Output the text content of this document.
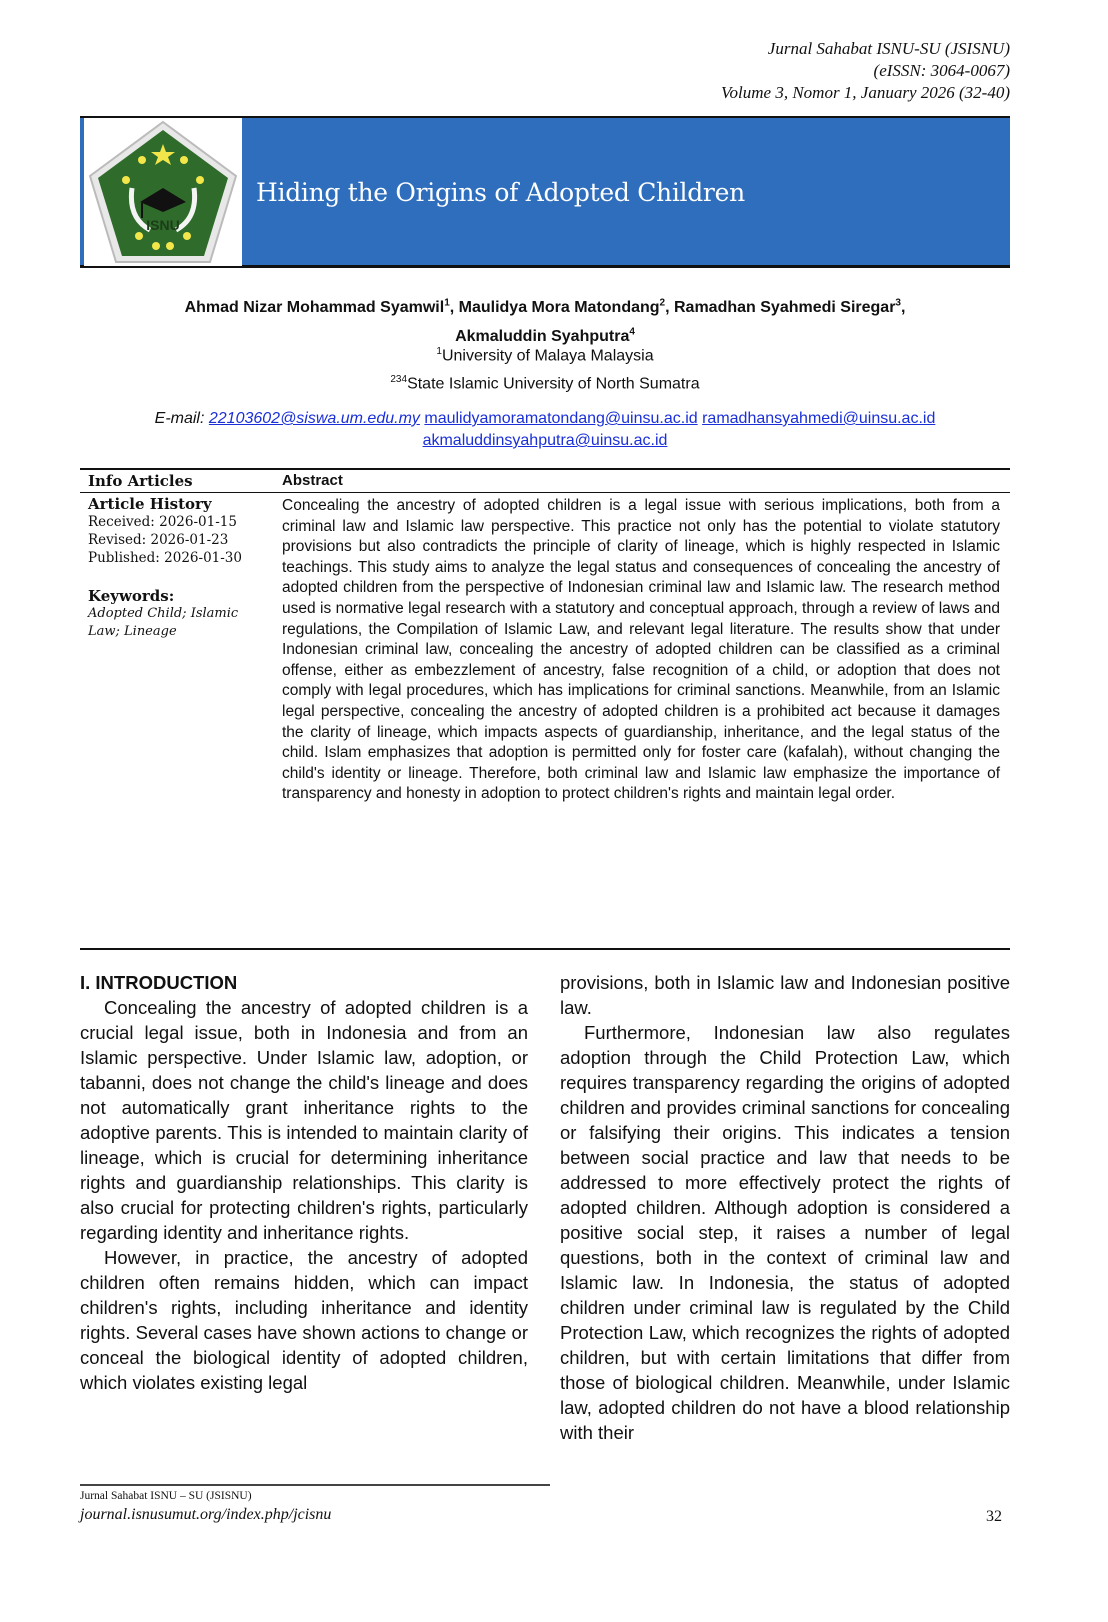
Jurnal Sahabat ISNU-SU (JSISNU)
(eISSN: 3064-0067)
Volume 3, Nomor 1, January 2026 (32-40)
ISNU
Hiding the Origins of Adopted Children
Ahmad Nizar Mohammad Syamwil$^1$, Maulidya Mora Matondang$^2$, Ramadhan Syahmedi Siregar$^3$,
Akmaluddin Syahputra$^4$
$^1$University of Malaya Malaysia
$^{234}$State Islamic University of North Sumatra
E-mail: 22103602@siswa.um.edu.my maulidyamoramatondang@uinsu.ac.id ramadhansyahmedi@uinsu.ac.id
akmaluddinsyahputra@uinsu.ac.id
Info Articles
Article History
Received: 2026-01-15
Revised: 2026-01-23
Published: 2026-01-30
Keywords:
Adopted Child; Islamic Law; Lineage
Abstract
Concealing the ancestry of adopted children is a legal issue with serious implications, both from a criminal law and Islamic law perspective. This practice not only has the potential to violate statutory provisions but also contradicts the principle of clarity of lineage, which is highly respected in Islamic teachings. This study aims to analyze the legal status and consequences of concealing the ancestry of adopted children from the perspective of Indonesian criminal law and Islamic law. The research method used is normative legal research with a statutory and conceptual approach, through a review of laws and regulations, the Compilation of Islamic Law, and relevant legal literature. The results show that under Indonesian criminal law, concealing the ancestry of adopted children can be classified as a criminal offense, either as embezzlement of ancestry, false recognition of a child, or adoption that does not comply with legal procedures, which has implications for criminal sanctions. Meanwhile, from an Islamic legal perspective, concealing the ancestry of adopted children is a prohibited act because it damages the clarity of lineage, which impacts aspects of guardianship, inheritance, and the legal status of the child. Islam emphasizes that adoption is permitted only for foster care (kafalah), without changing the child's identity or lineage. Therefore, both criminal law and Islamic law emphasize the importance of transparency and honesty in adoption to protect children's rights and maintain legal order.

I. INTRODUCTION

Concealing the ancestry of adopted children is a crucial legal issue, both in Indonesia and from an Islamic perspective. Under Islamic law, adoption, or tabanni, does not change the child's lineage and does not automatically grant inheritance rights to the adoptive parents. This is intended to maintain clarity of lineage, which is crucial for determining inheritance rights and guardianship relationships. This clarity is also crucial for protecting children's rights, particularly regarding identity and inheritance rights.

However, in practice, the ancestry of adopted children often remains hidden, which can impact children's rights, including inheritance and identity rights. Several cases have shown actions to change or conceal the biological identity of adopted children, which violates existing legal

provisions, both in Islamic law and Indonesian positive law.

Furthermore, Indonesian law also regulates adoption through the Child Protection Law, which requires transparency regarding the origins of adopted children and provides criminal sanctions for concealing or falsifying their origins. This indicates a tension between social practice and law that needs to be addressed to more effectively protect the rights of adopted children. Although adoption is considered a positive social step, it raises a number of legal questions, both in the context of criminal law and Islamic law. In Indonesia, the status of adopted children under criminal law is regulated by the Child Protection Law, which recognizes the rights of adopted children, but with certain limitations that differ from those of biological children. Meanwhile, under Islamic law, adopted children do not have a blood relationship with their

Jurnal Sahabat ISNU – SU (JSISNU)
journal.isnusumut.org/index.php/jcisnu	32
